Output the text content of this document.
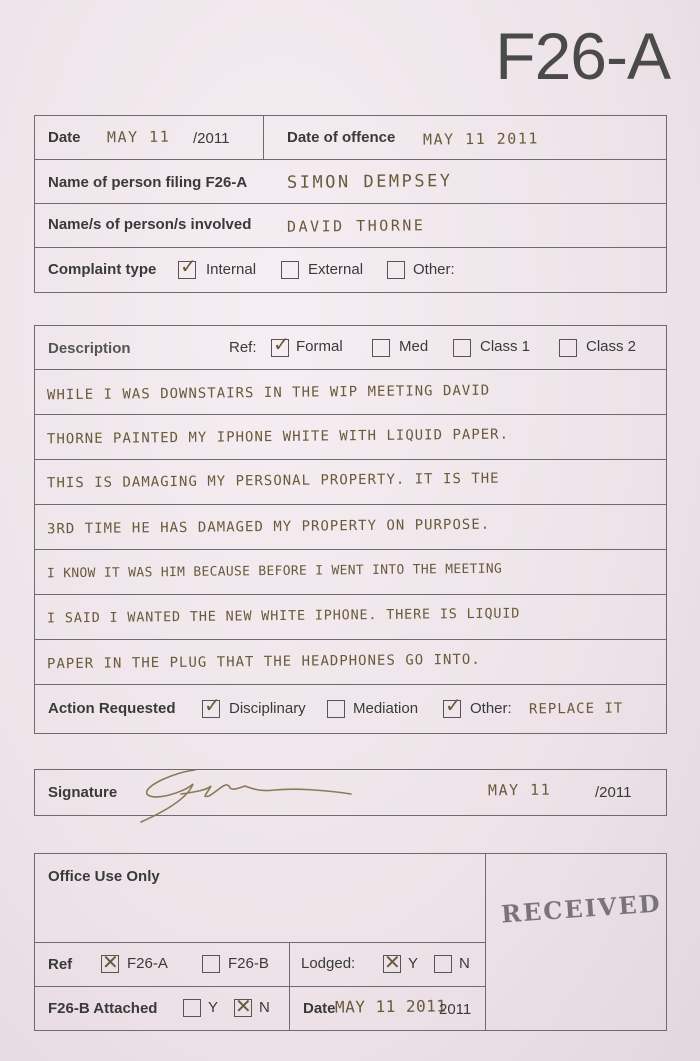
F26-A
Date MAY 11 /2011	Date of offence MAY 11 2011
Name of person filing F26-A SIMON DEMPSEY
Name/s of person/s involved DAVID THORNE
Complaint type ✓ Internal	External	Other:
Description	Ref: ✓ Formal	Med	Class 1	Class 2
WHILE I WAS DOWNSTAIRS IN THE WIP MEETING DAVID
THORNE PAINTED MY IPHONE WHITE WITH LIQUID PAPER.
THIS IS DAMAGING MY PERSONAL PROPERTY. IT IS THE
3RD TIME HE HAS DAMAGED MY PROPERTY ON PURPOSE.
I KNOW IT WAS HIM BECAUSE BEFORE I WENT INTO THE MEETING
I SAID I WANTED THE NEW WHITE IPHONE. THERE IS LIQUID
PAPER IN THE PLUG THAT THE HEADPHONES GO INTO.
Action Requested ✓ Disciplinary	Mediation ✓ Other: REPLACE IT
Signature	MAY 11	/2011
Office Use Only
RECEIVED
Ref ✕ F26-A	F26-B Lodged: ✕ Y	N
F26-B Attached	Y ✕ N Date MAY 11 2011
2011
